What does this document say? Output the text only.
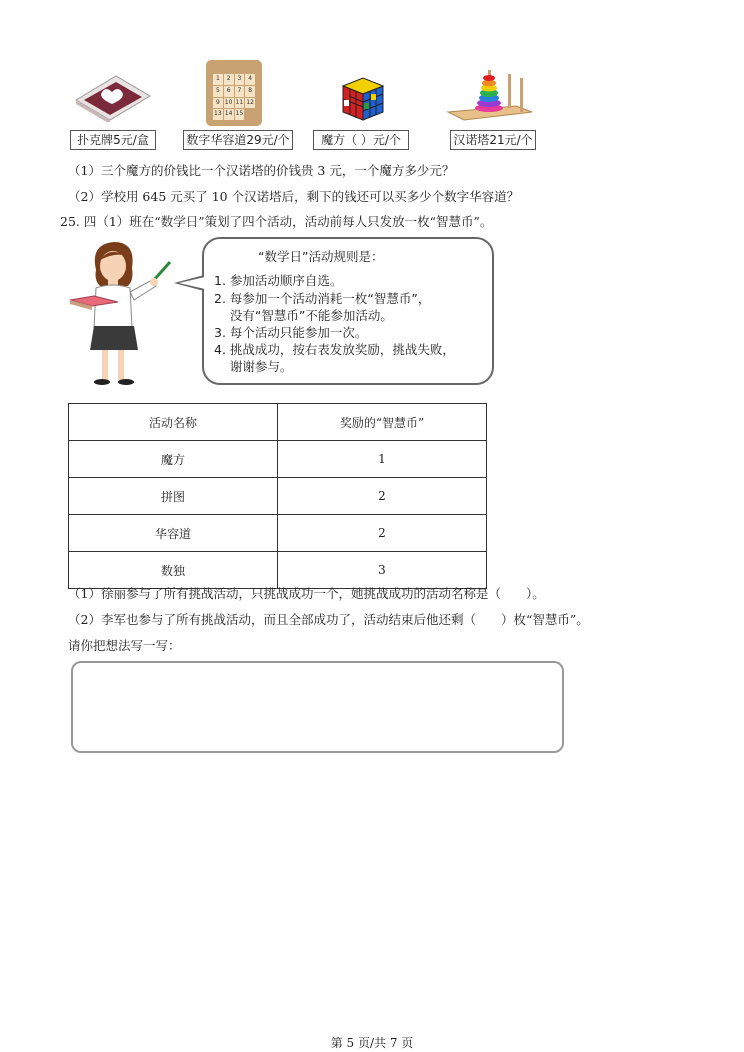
1	2	3	4
5	6	7	8
9 10 11 12
13 14 15
扑克牌5元/盒	数字华容道29元/个	魔方（ ）元/个	汉诺塔21元/个
（1）三个魔方的价钱比一个汉诺塔的价钱贵 3 元，一个魔方多少元？
（2）学校用 645 元买了 10 个汉诺塔后，剩下的钱还可以买多少个数字华容道？
25. 四（1）班在“数学日”策划了四个活动，活动前每人只发放一枚“智慧币”。
“数学日”活动规则是：
1. 参加活动顺序自选。
2. 每参加一个活动消耗一枚“智慧币”，
没有“智慧币”不能参加活动。
3. 每个活动只能参加一次。
4. 挑战成功，按右表发放奖励，挑战失败，
谢谢参与。
活动名称	奖励的“智慧币”
魔方	1
拼图	2
华容道	2
数独	3
（1）徐丽参与了所有挑战活动，只挑战成功一个，她挑战成功的活动名称是（　　）。
（2）李军也参与了所有挑战活动，而且全部成功了，活动结束后他还剩（　　）枚“智慧币”。
请你把想法写一写：
第 5 页/共 7 页
